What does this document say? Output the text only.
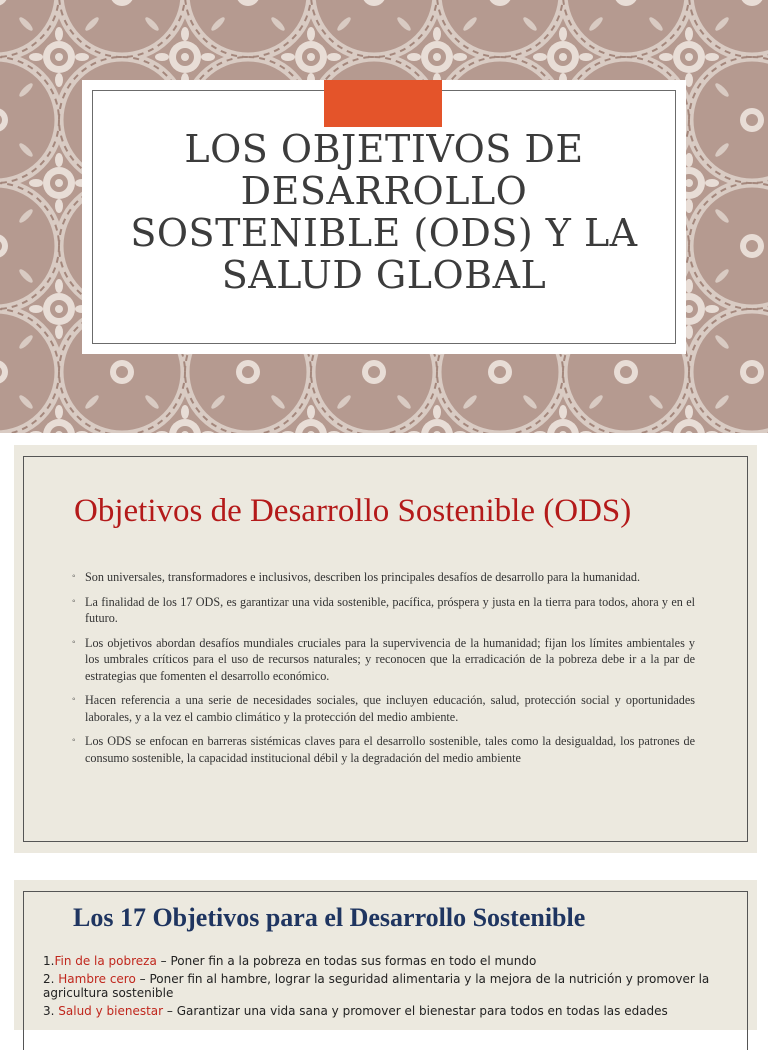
LOS OBJETIVOS DE DESARROLLO SOSTENIBLE (ODS) Y LA SALUD GLOBAL
Objetivos de Desarrollo Sostenible (ODS)
◦ Son universales, transformadores e inclusivos, describen los principales desafíos de desarrollo para la humanidad.
◦ La finalidad de los 17 ODS, es garantizar una vida sostenible, pacífica, próspera y justa en la tierra para todos, ahora y en el futuro.
◦ Los objetivos abordan desafíos mundiales cruciales para la supervivencia de la humanidad; fijan los límites ambientales y los umbrales críticos para el uso de recursos naturales; y reconocen que la erradicación de la pobreza debe ir a la par de estrategias que fomenten el desarrollo económico.
◦ Hacen referencia a una serie de necesidades sociales, que incluyen educación, salud, protección social y oportunidades laborales, y a la vez el cambio climático y la protección del medio ambiente.
◦ Los ODS se enfocan en barreras sistémicas claves para el desarrollo sostenible, tales como la desigualdad, los patrones de consumo sostenible, la capacidad institucional débil y la degradación del medio ambiente
Los 17 Objetivos para el Desarrollo Sostenible
1.Fin de la pobreza – Poner fin a la pobreza en todas sus formas en todo el mundo
2. Hambre cero – Poner fin al hambre, lograr la seguridad alimentaria y la mejora de la nutrición y promover la agricultura sostenible
3. Salud y bienestar – Garantizar una vida sana y promover el bienestar para todos en todas las edades
